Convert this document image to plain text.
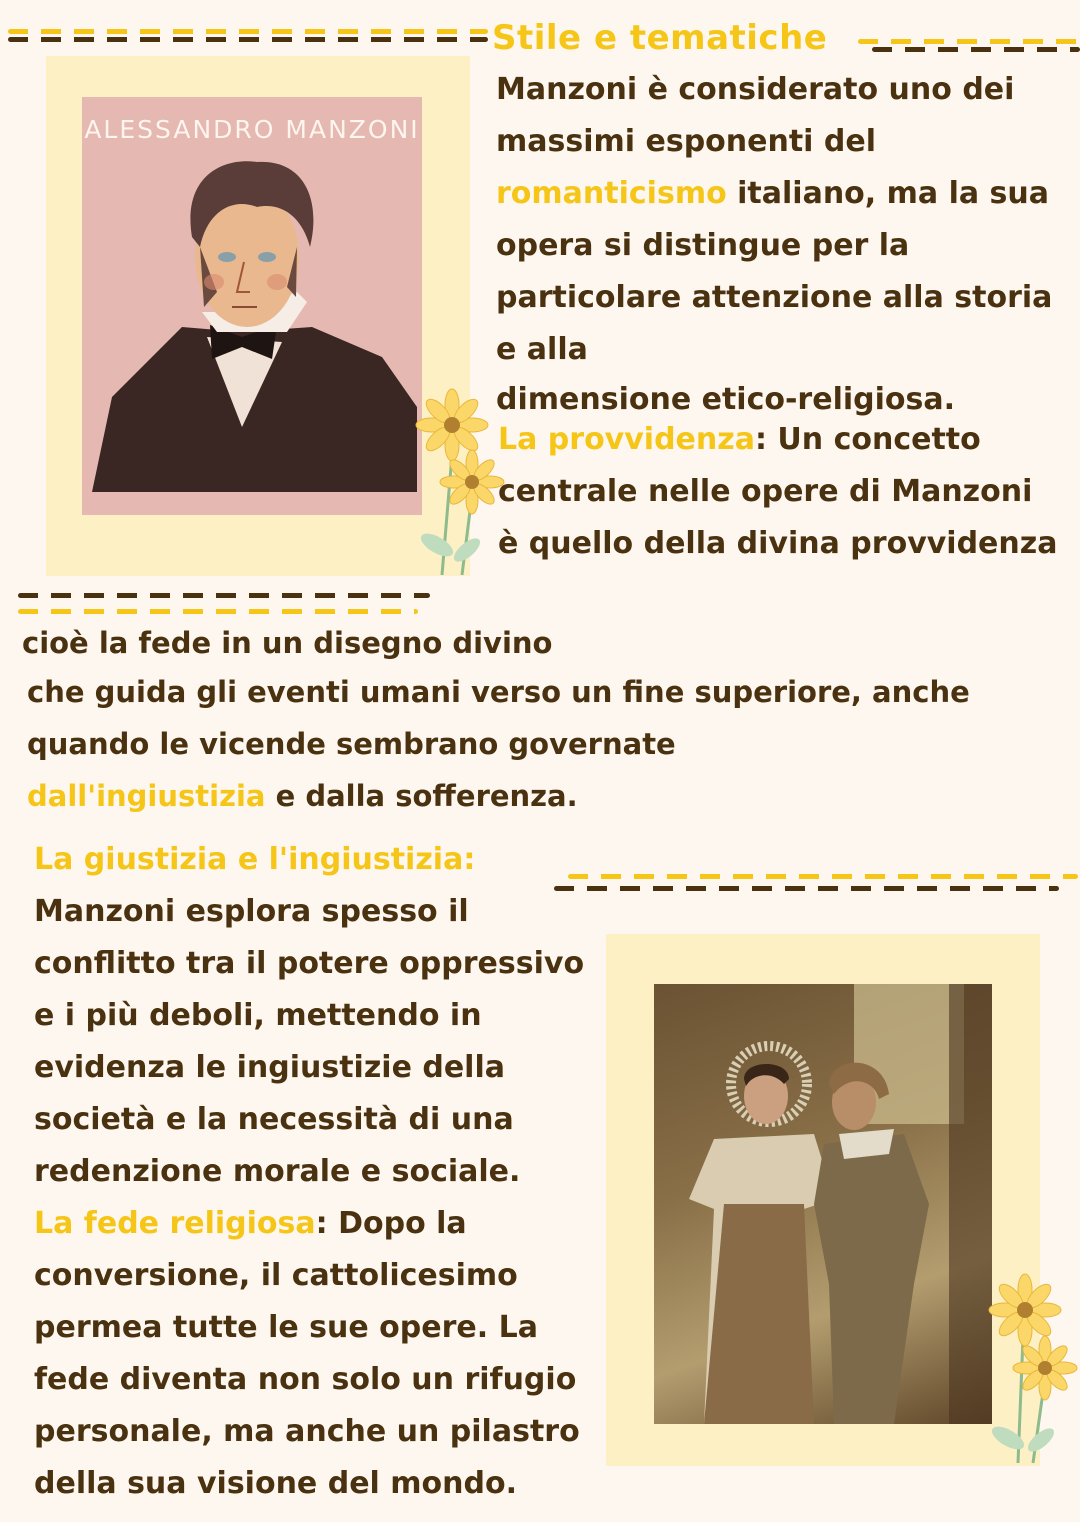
Stile e tematiche
ALESSANDRO MANZONI
Manzoni è considerato uno dei
massimi esponenti del
romanticismo italiano, ma la sua
opera si distingue per la
particolare attenzione alla storia
e alla
dimensione etico-religiosa.
La provvidenza: Un concetto
centrale nelle opere di Manzoni
è quello della divina provvidenza
cioè la fede in un disegno divino
che guida gli eventi umani verso un fine superiore, anche
quando le vicende sembrano governate
dall'ingiustizia e dalla sofferenza.
La giustizia e l'ingiustizia:
Manzoni esplora spesso il
conflitto tra il potere oppressivo
e i più deboli, mettendo in
evidenza le ingiustizie della
società e la necessità di una
redenzione morale e sociale.
La fede religiosa: Dopo la
conversione, il cattolicesimo
permea tutte le sue opere. La
fede diventa non solo un rifugio
personale, ma anche un pilastro
della sua visione del mondo.
